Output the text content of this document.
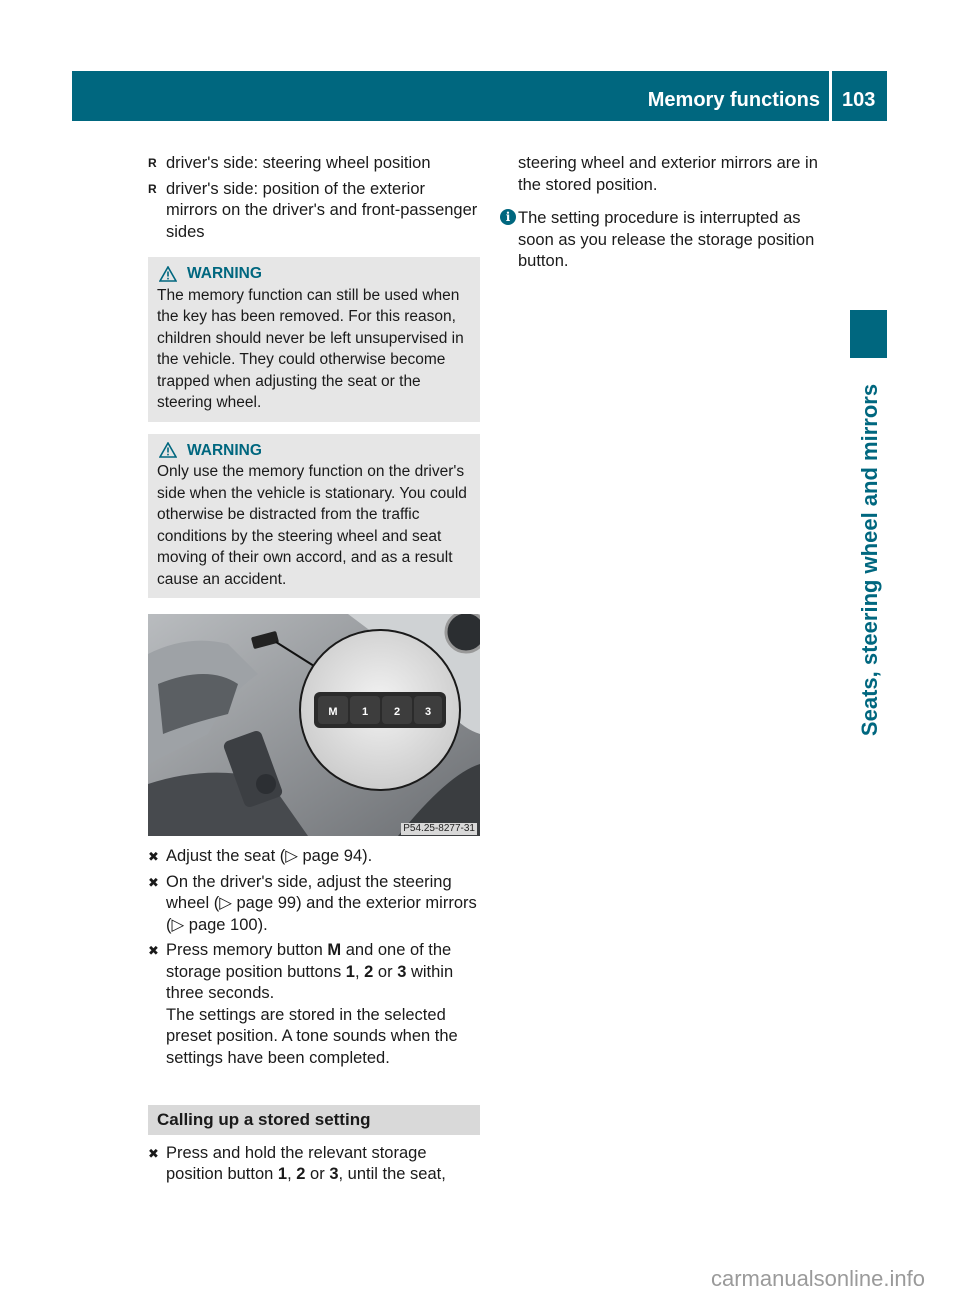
Memory functions 103
Seats, steering wheel and mirrors
R driver's side: steering wheel position
R driver's side: position of the exterior mirrors on the driver's and front-passenger sides
WARNING
The memory function can still be used when the key has been removed. For this reason, children should never be left unsupervised in the vehicle. They could otherwise become trapped when adjusting the seat or the steering wheel.
WARNING
Only use the memory function on the driver's side when the vehicle is stationary. You could otherwise be distracted from the traffic conditions by the steering wheel and seat moving of their own accord, and as a result cause an accident.
M 1 2 3
P54.25-8277-31
✖ Adjust the seat (▷ page 94).
✖ On the driver's side, adjust the steering wheel (▷ page 99) and the exterior mirrors (▷ page 100).
✖ Press memory button M and one of the storage position buttons 1, 2 or 3 within three seconds.
The settings are stored in the selected preset position. A tone sounds when the settings have been completed.
Calling up a stored setting
✖ Press and hold the relevant storage position button 1, 2 or 3, until the seat,
steering wheel and exterior mirrors are in the stored position.
i The setting procedure is interrupted as soon as you release the storage position button.
carmanualsonline.info
